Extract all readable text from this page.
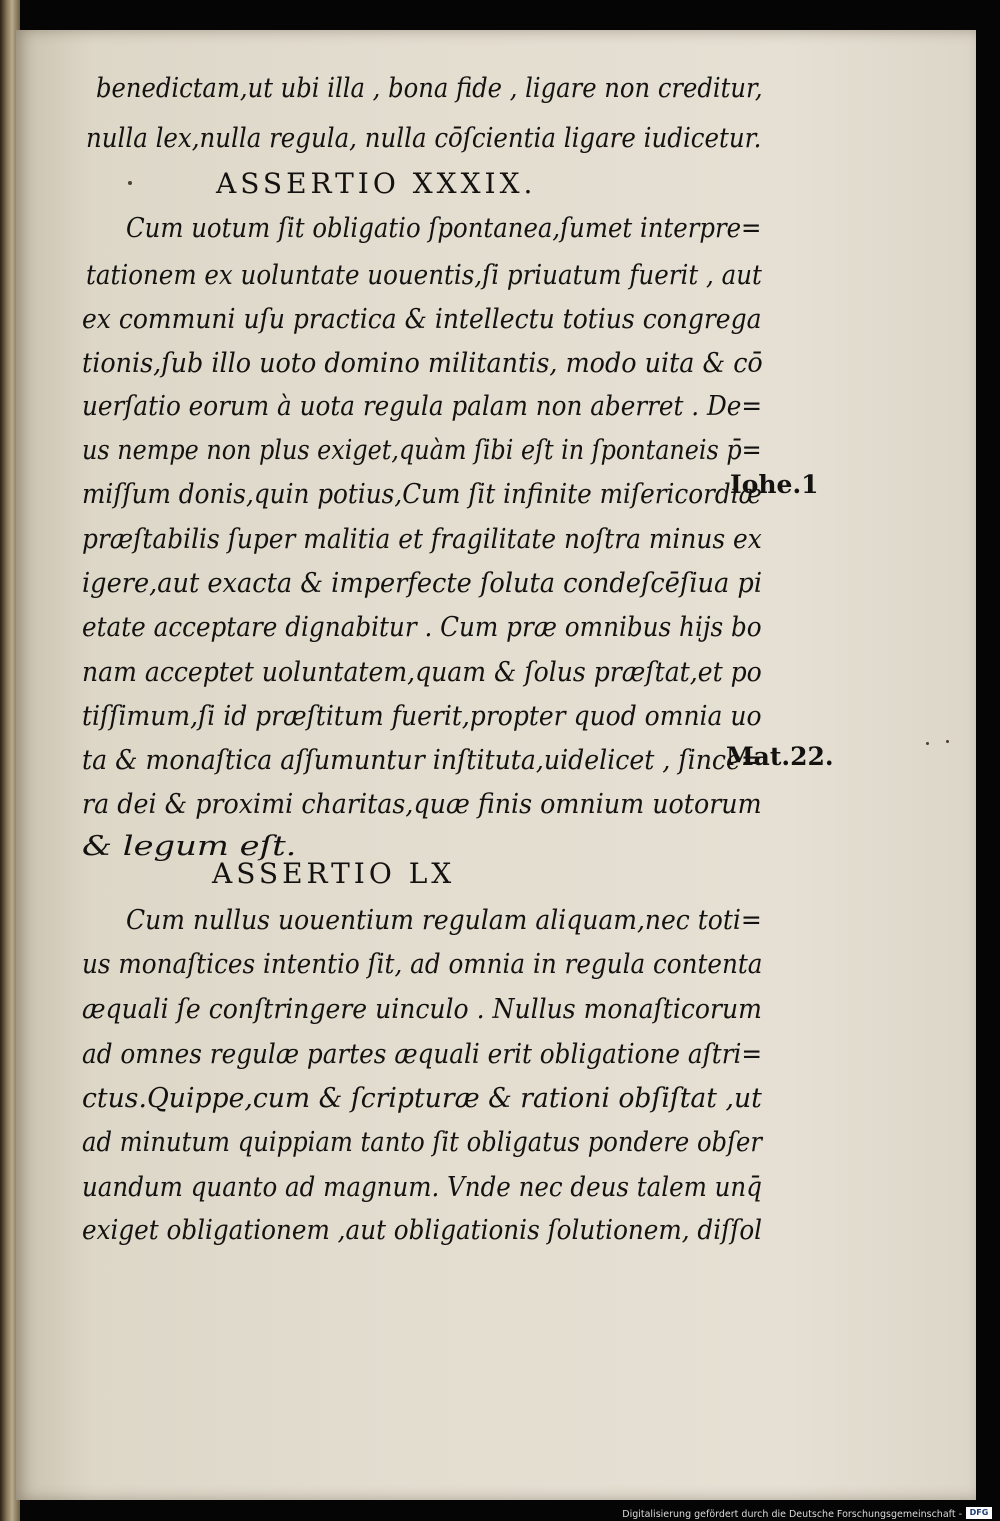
benedictam,ut ubi illa , bona fide , ligare non creditur,
nulla lex,nulla regula, nulla cōſcientia ligare iudicetur.
ASSERTIO XXXIX.
Cum uotum ſit obligatio ſpontanea,ſumet interpre=
tationem ex uoluntate uouentis,ſi priuatum fuerit , aut
ex communi uſu practica & intellectu totius congrega
tionis,ſub illo uoto domino militantis, modo uita & cō
uerſatio eorum à uota regula palam non aberret . De=
us nempe non plus exiget,quàm ſibi eſt in ſpontaneis p̄=
miſſum donis,quin potius,Cum ſit infinite miſericordiæ
præſtabilis ſuper malitia et fragilitate noſtra minus ex
igere,aut exacta & imperfecte ſoluta condeſcēſiua pi
etate acceptare dignabitur . Cum præ omnibus hijs bo
nam acceptet uoluntatem,quam & ſolus præſtat,et po
tiſſimum,ſi id præſtitum fuerit,propter quod omnia uo
ta & monaſtica aſſumuntur inſtituta,uidelicet , ſince=
ra dei & proximi charitas,quæ finis omnium uotorum
& legum eſt.
ASSERTIO LX
Cum nullus uouentium regulam aliquam,nec toti=
us monaſtices intentio ſit, ad omnia in regula contenta
æquali ſe conſtringere uinculo . Nullus monaſticorum
ad omnes regulæ partes æquali erit obligatione aſtri=
ctus.Quippe,cum & ſcripturæ & rationi obſiſtat ,ut
ad minutum quippiam tanto ſit obligatus pondere obſer
uandum quanto ad magnum. Vnde nec deus talem unq̄
exiget obligationem ,aut obligationis ſolutionem, diſſol
Iohe.1
Mat.22.
Digitalisierung gefördert durch die Deutsche Forschungsgemeinschaft - DFG
